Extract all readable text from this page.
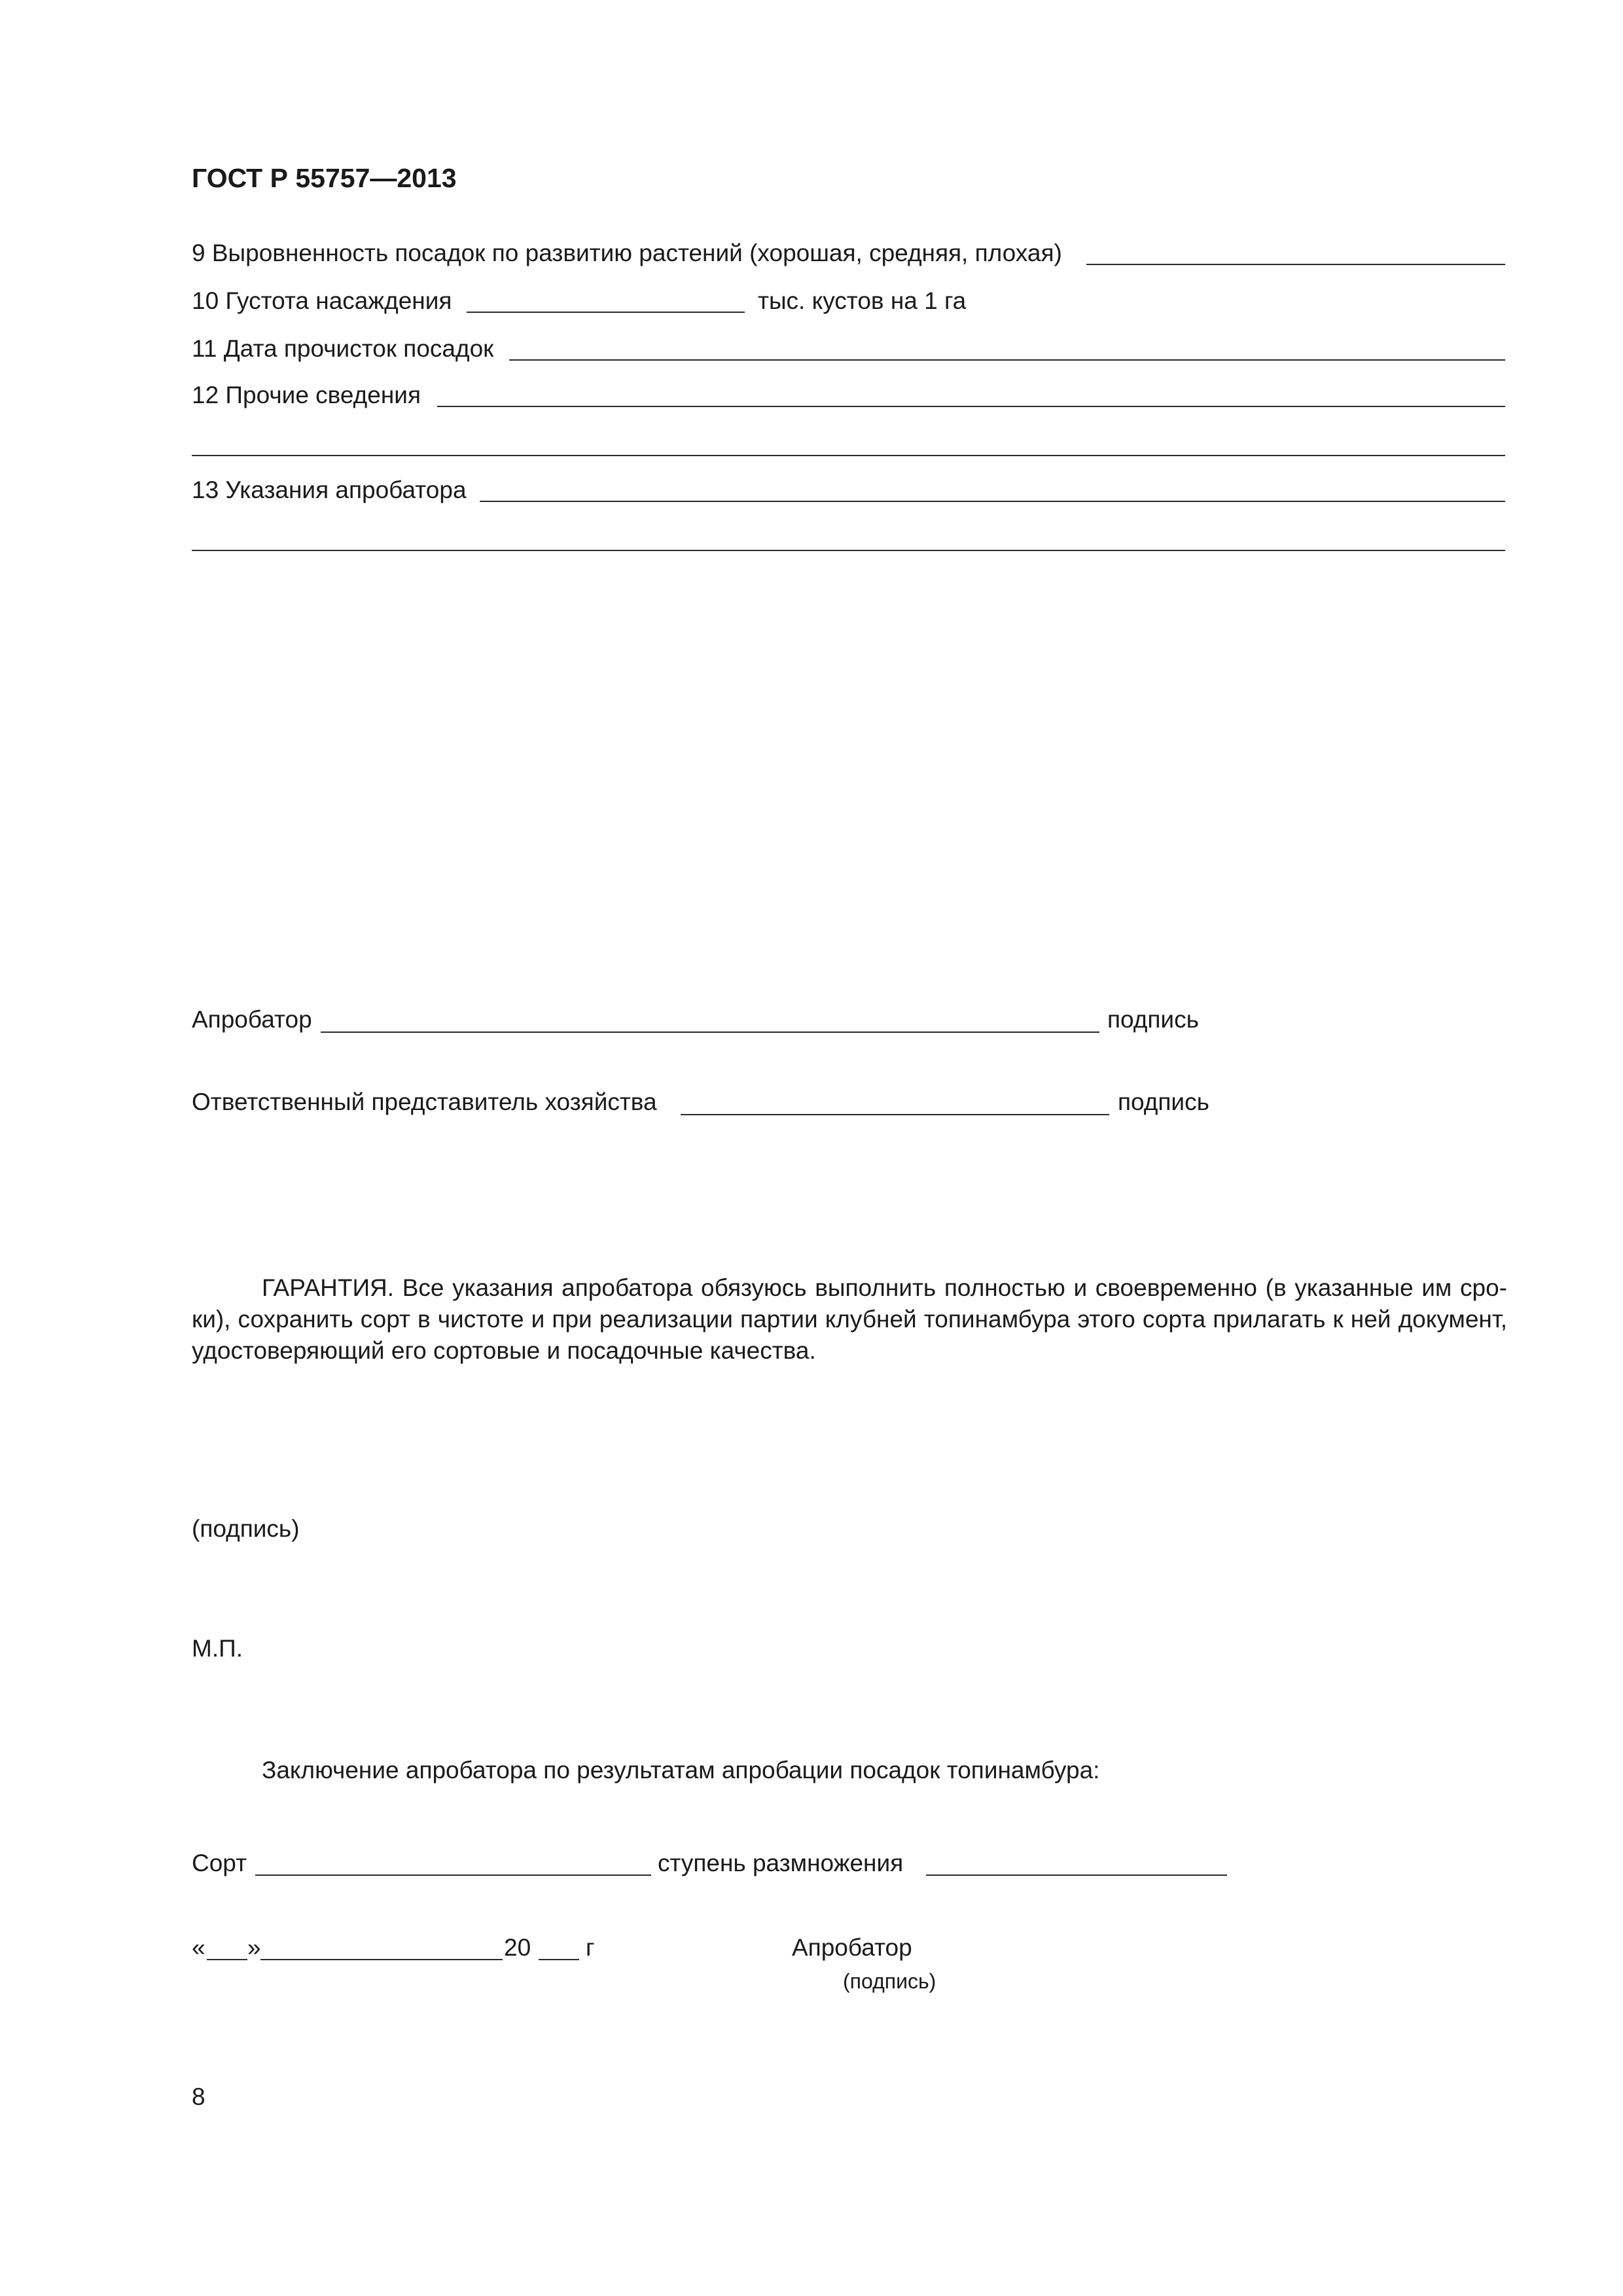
ГОСТ Р 55757—2013
9 Выровненность посадок по развитию растений (хорошая, средняя, плохая)
10 Густота насаждения	тыс. кустов на 1 га
11 Дата прочисток посадок
12 Прочие сведения
13 Указания апробатора
Апробатор	подпись
Ответственный представитель хозяйства	подпись
ГАРАНТИЯ. Все указания апробатора обязуюсь выполнить полностью и своевременно (в указанные им сроки), сохранить сорт в чистоте и при реализации партии клубней топинамбура этого сорта прилагать к ней документ, удостоверяющий его сортовые и посадочные качества.
(подпись)
М.П.
Заключение апробатора по результатам апробации посадок топинамбура:
Сорт	ступень размножения
« »	20 г	Апробатор
(подпись)
8
